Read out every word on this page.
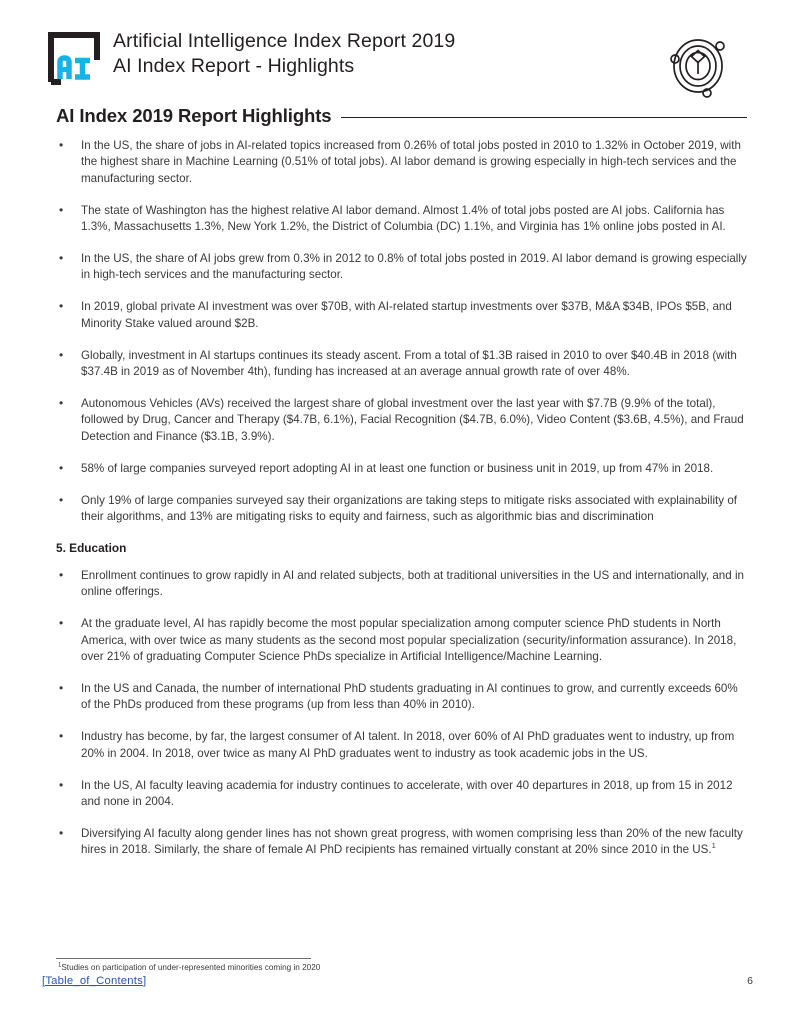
Artificial Intelligence Index Report 2019
AI Index Report - Highlights
AI Index 2019 Report Highlights
• In the US, the share of jobs in AI-related topics increased from 0.26% of total jobs posted in 2010 to 1.32% in October 2019, with the highest share in Machine Learning (0.51% of total jobs). AI labor demand is growing especially in high-tech services and the manufacturing sector.
• The state of Washington has the highest relative AI labor demand. Almost 1.4% of total jobs posted are AI jobs. California has 1.3%, Massachusetts 1.3%, New York 1.2%, the District of Columbia (DC) 1.1%, and Virginia has 1% online jobs posted in AI.
• In the US, the share of AI jobs grew from 0.3% in 2012 to 0.8% of total jobs posted in 2019. AI labor demand is growing especially in high-tech services and the manufacturing sector.
• In 2019, global private AI investment was over $70B, with AI-related startup investments over $37B, M&A $34B, IPOs $5B, and Minority Stake valued around $2B.
• Globally, investment in AI startups continues its steady ascent. From a total of $1.3B raised in 2010 to over $40.4B in 2018 (with $37.4B in 2019 as of November 4th), funding has increased at an average annual growth rate of over 48%.
• Autonomous Vehicles (AVs) received the largest share of global investment over the last year with $7.7B (9.9% of the total), followed by Drug, Cancer and Therapy ($4.7B, 6.1%), Facial Recognition ($4.7B, 6.0%), Video Content ($3.6B, 4.5%), and Fraud Detection and Finance ($3.1B, 3.9%).
• 58% of large companies surveyed report adopting AI in at least one function or business unit in 2019, up from 47% in 2018.
• Only 19% of large companies surveyed say their organizations are taking steps to mitigate risks associated with explainability of their algorithms, and 13% are mitigating risks to equity and fairness, such as algorithmic bias and discrimination
5. Education
• Enrollment continues to grow rapidly in AI and related subjects, both at traditional universities in the US and internationally, and in online offerings.
• At the graduate level, AI has rapidly become the most popular specialization among computer science PhD students in North America, with over twice as many students as the second most popular specialization (security/information assurance). In 2018, over 21% of graduating Computer Science PhDs specialize in Artificial Intelligence/Machine Learning.
• In the US and Canada, the number of international PhD students graduating in AI continues to grow, and currently exceeds 60% of the PhDs produced from these programs (up from less than 40% in 2010).
• Industry has become, by far, the largest consumer of AI talent. In 2018, over 60% of AI PhD graduates went to industry, up from 20% in 2004. In 2018, over twice as many AI PhD graduates went to industry as took academic jobs in the US.
• In the US, AI faculty leaving academia for industry continues to accelerate, with over 40 departures in 2018, up from 15 in 2012 and none in 2004.
• Diversifying AI faculty along gender lines has not shown great progress, with women comprising less than 20% of the new faculty hires in 2018. Similarly, the share of female AI PhD recipients has remained virtually constant at 20% since 2010 in the US.$^1$
$^1$Studies on participation of under-represented minorities coming in 2020
[Table_of_Contents]	6
